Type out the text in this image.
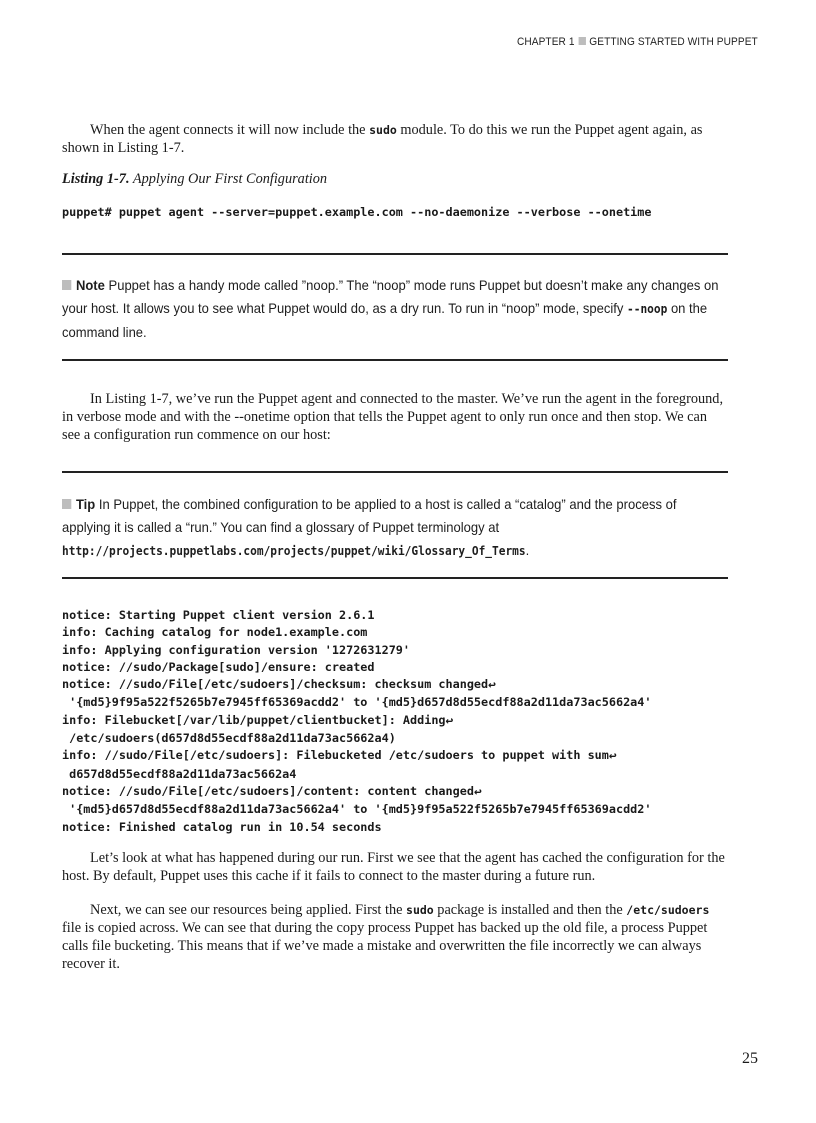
CHAPTER 1 GETTING STARTED WITH PUPPET

When the agent connects it will now include the sudo module. To do this we run the Puppet agent again, as shown in Listing 1-7.

Listing 1-7. Applying Our First Configuration
puppet# puppet agent --server=puppet.example.com --no-daemonize --verbose --onetime
Note Puppet has a handy mode called ”noop.” The “noop” mode runs Puppet but doesn’t make any changes on your host. It allows you to see what Puppet would do, as a dry run. To run in “noop” mode, specify --noop on the command line.

In Listing 1-7, we’ve run the Puppet agent and connected to the master. We’ve run the agent in the foreground, in verbose mode and with the --onetime option that tells the Puppet agent to only run once and then stop. We can see a configuration run commence on our host:

Tip In Puppet, the combined configuration to be applied to a host is called a “catalog” and the process of applying it is called a “run.” You can find a glossary of Puppet terminology at
http://projects.puppetlabs.com/projects/puppet/wiki/Glossary_Of_Terms.
notice: Starting Puppet client version 2.6.1
info: Caching catalog for node1.example.com
info: Applying configuration version '1272631279'
notice: //sudo/Package[sudo]/ensure: created
notice: //sudo/File[/etc/sudoers]/checksum: checksum changed↩
'{md5}9f95a522f5265b7e7945ff65369acdd2' to '{md5}d657d8d55ecdf88a2d11da73ac5662a4'
info: Filebucket[/var/lib/puppet/clientbucket]: Adding↩
/etc/sudoers(d657d8d55ecdf88a2d11da73ac5662a4)
info: //sudo/File[/etc/sudoers]: Filebucketed /etc/sudoers to puppet with sum↩
d657d8d55ecdf88a2d11da73ac5662a4
notice: //sudo/File[/etc/sudoers]/content: content changed↩
'{md5}d657d8d55ecdf88a2d11da73ac5662a4' to '{md5}9f95a522f5265b7e7945ff65369acdd2'
notice: Finished catalog run in 10.54 seconds

Let’s look at what has happened during our run. First we see that the agent has cached the configuration for the host. By default, Puppet uses this cache if it fails to connect to the master during a future run.

Next, we can see our resources being applied. First the sudo package is installed and then the /etc/sudoers file is copied across. We can see that during the copy process Puppet has backed up the old file, a process Puppet calls file bucketing. This means that if we’ve made a mistake and overwritten the file incorrectly we can always recover it.

25
